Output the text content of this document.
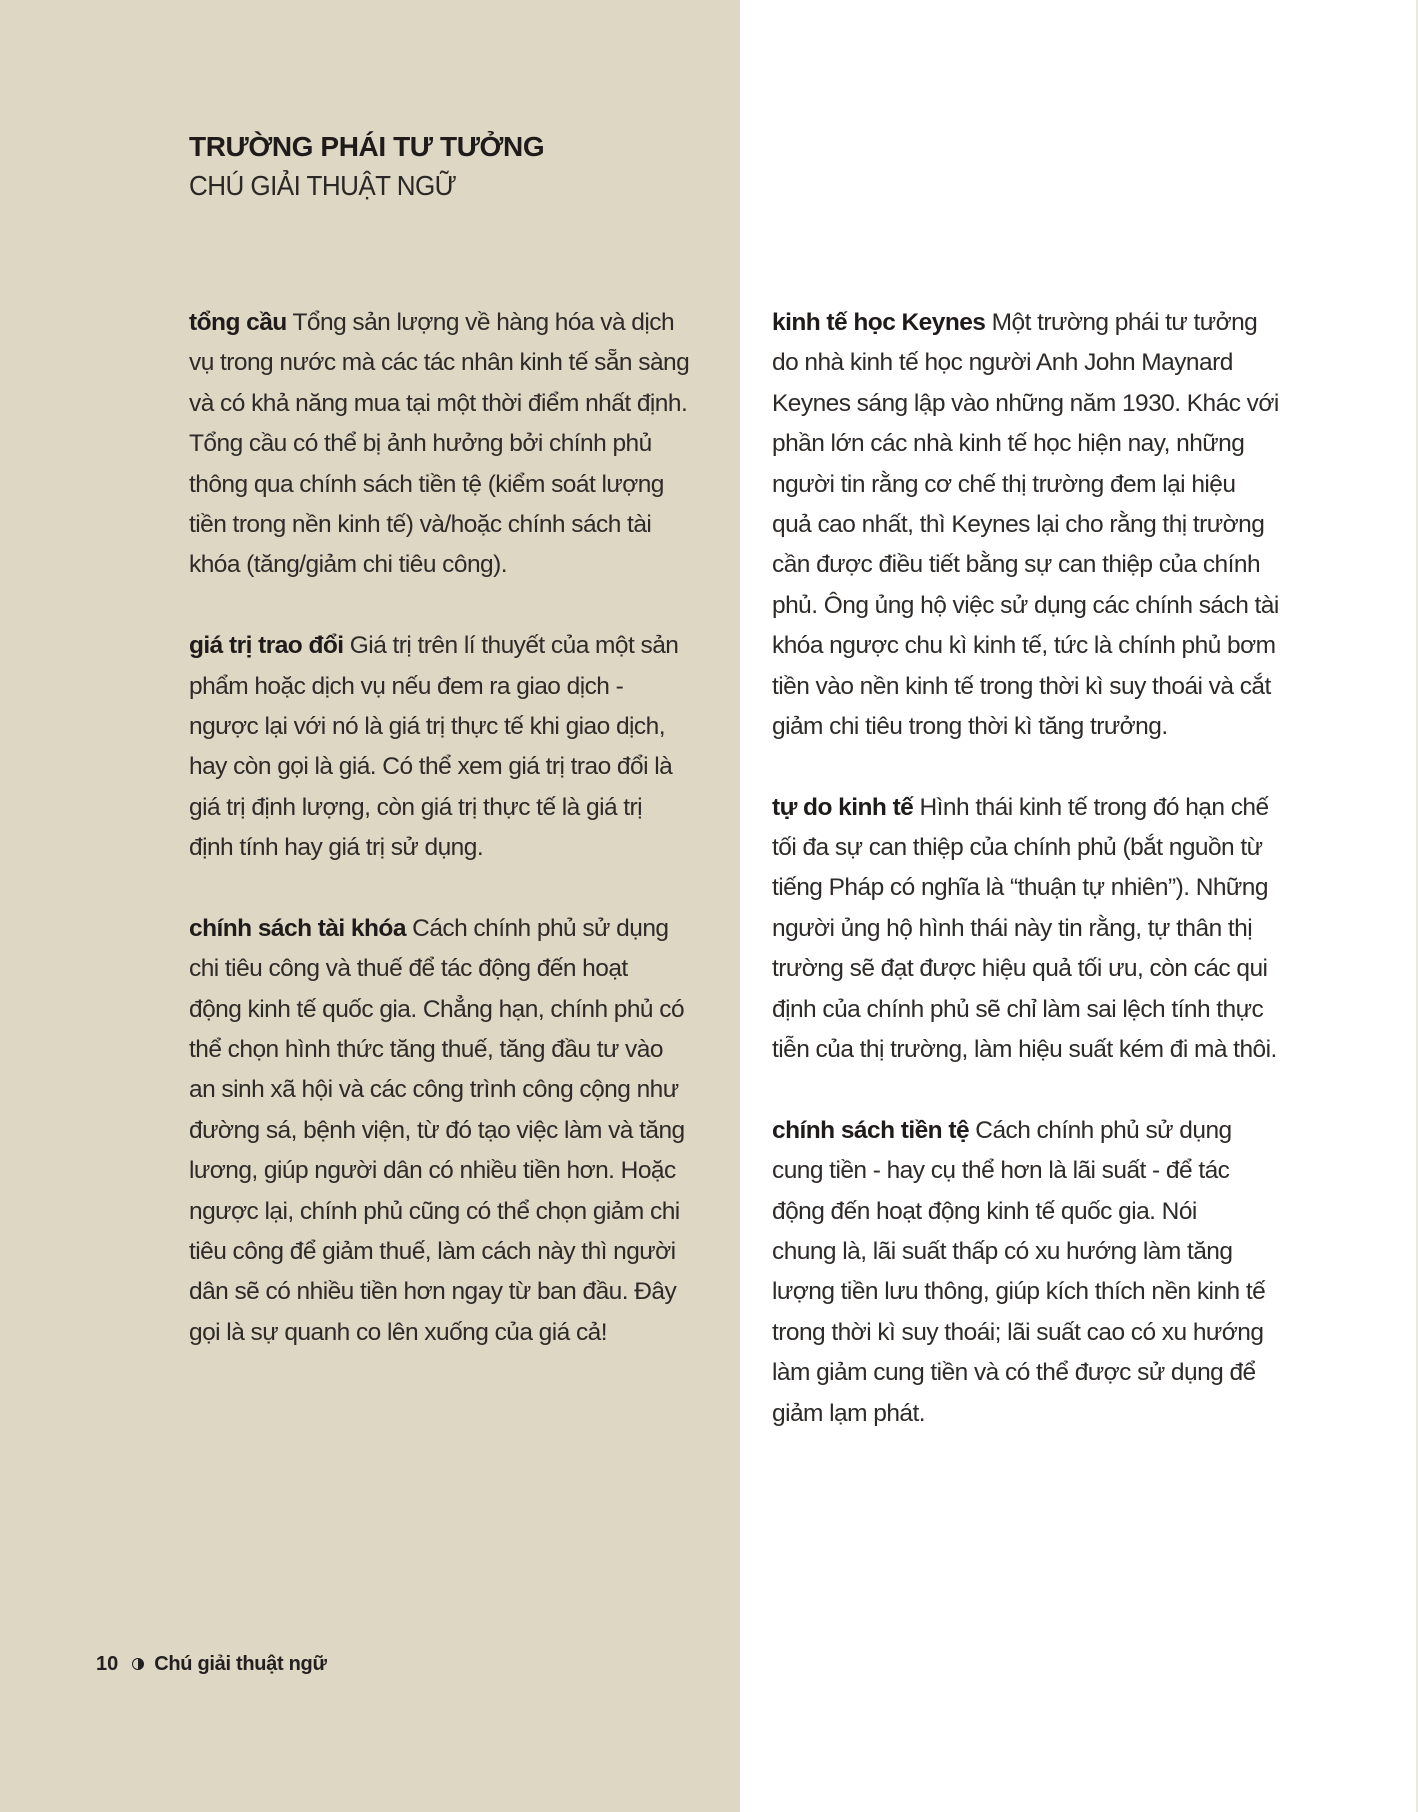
TRƯỜNG PHÁI TƯ TƯỞNG
CHÚ GIẢI THUẬT NGỮ
tổng cầu Tổng sản lượng về hàng hóa và dịch
vụ trong nước mà các tác nhân kinh tế sẵn sàng
và có khả năng mua tại một thời điểm nhất định.
Tổng cầu có thể bị ảnh hưởng bởi chính phủ
thông qua chính sách tiền tệ (kiểm soát lượng
tiền trong nền kinh tế) và/hoặc chính sách tài
khóa (tăng/giảm chi tiêu công).
giá trị trao đổi Giá trị trên lí thuyết của một sản
phẩm hoặc dịch vụ nếu đem ra giao dịch -
ngược lại với nó là giá trị thực tế khi giao dịch,
hay còn gọi là giá. Có thể xem giá trị trao đổi là
giá trị định lượng, còn giá trị thực tế là giá trị
định tính hay giá trị sử dụng.
chính sách tài khóa Cách chính phủ sử dụng
chi tiêu công và thuế để tác động đến hoạt
động kinh tế quốc gia. Chẳng hạn, chính phủ có
thể chọn hình thức tăng thuế, tăng đầu tư vào
an sinh xã hội và các công trình công cộng như
đường sá, bệnh viện, từ đó tạo việc làm và tăng
lương, giúp người dân có nhiều tiền hơn. Hoặc
ngược lại, chính phủ cũng có thể chọn giảm chi
tiêu công để giảm thuế, làm cách này thì người
dân sẽ có nhiều tiền hơn ngay từ ban đầu. Đây
gọi là sự quanh co lên xuống của giá cả!
kinh tế học Keynes Một trường phái tư tưởng
do nhà kinh tế học người Anh John Maynard
Keynes sáng lập vào những năm 1930. Khác với
phần lớn các nhà kinh tế học hiện nay, những
người tin rằng cơ chế thị trường đem lại hiệu
quả cao nhất, thì Keynes lại cho rằng thị trường
cần được điều tiết bằng sự can thiệp của chính
phủ. Ông ủng hộ việc sử dụng các chính sách tài
khóa ngược chu kì kinh tế, tức là chính phủ bơm
tiền vào nền kinh tế trong thời kì suy thoái và cắt
giảm chi tiêu trong thời kì tăng trưởng.
tự do kinh tế Hình thái kinh tế trong đó hạn chế
tối đa sự can thiệp của chính phủ (bắt nguồn từ
tiếng Pháp có nghĩa là “thuận tự nhiên”). Những
người ủng hộ hình thái này tin rằng, tự thân thị
trường sẽ đạt được hiệu quả tối ưu, còn các qui
định của chính phủ sẽ chỉ làm sai lệch tính thực
tiễn của thị trường, làm hiệu suất kém đi mà thôi.
chính sách tiền tệ Cách chính phủ sử dụng
cung tiền - hay cụ thể hơn là lãi suất - để tác
động đến hoạt động kinh tế quốc gia. Nói
chung là, lãi suất thấp có xu hướng làm tăng
lượng tiền lưu thông, giúp kích thích nền kinh tế
trong thời kì suy thoái; lãi suất cao có xu hướng
làm giảm cung tiền và có thể được sử dụng để
giảm lạm phát.
10 Chú giải thuật ngữ
